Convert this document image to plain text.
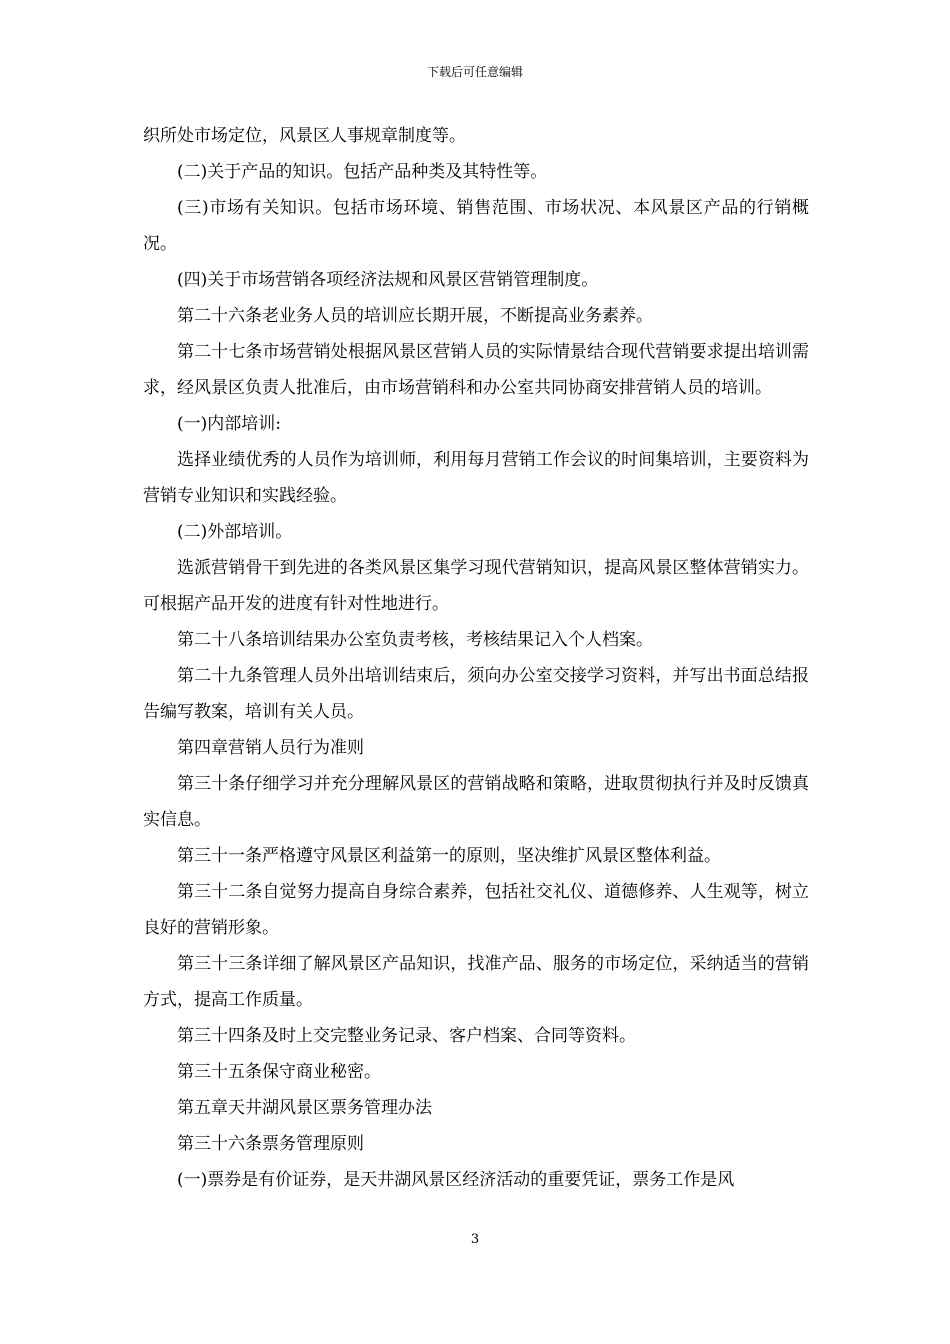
下载后可任意编辑

织所处市场定位，风景区人事规章制度等。

(二)关于产品的知识。包括产品种类及其特性等。

(三)市场有关知识。包括市场环境、销售范围、市场状况、本风景区产品的行销概况。

(四)关于市场营销各项经济法规和风景区营销管理制度。

第二十六条老业务人员的培训应长期开展，不断提高业务素养。

第二十七条市场营销处根据风景区营销人员的实际情景结合现代营销要求提出培训需求，经风景区负责人批准后，由市场营销科和办公室共同协商安排营销人员的培训。

(一)内部培训:

选择业绩优秀的人员作为培训师，利用每月营销工作会议的时间集培训，主要资料为营销专业知识和实践经验。

(二)外部培训。

选派营销骨干到先进的各类风景区集学习现代营销知识，提高风景区整体营销实力。可根据产品开发的进度有针对性地进行。

第二十八条培训结果办公室负责考核，考核结果记入个人档案。

第二十九条管理人员外出培训结束后，须向办公室交接学习资料，并写出书面总结报告编写教案，培训有关人员。

第四章营销人员行为准则

第三十条仔细学习并充分理解风景区的营销战略和策略，进取贯彻执行并及时反馈真实信息。

第三十一条严格遵守风景区利益第一的原则，坚决维扩风景区整体利益。

第三十二条自觉努力提高自身综合素养，包括社交礼仪、道德修养、人生观等，树立良好的营销形象。

第三十三条详细了解风景区产品知识，找准产品、服务的市场定位，采纳适当的营销方式，提高工作质量。

第三十四条及时上交完整业务记录、客户档案、合同等资料。

第三十五条保守商业秘密。

第五章天井湖风景区票务管理办法

第三十六条票务管理原则

(一)票券是有价证券，是天井湖风景区经济活动的重要凭证，票务工作是风

3
